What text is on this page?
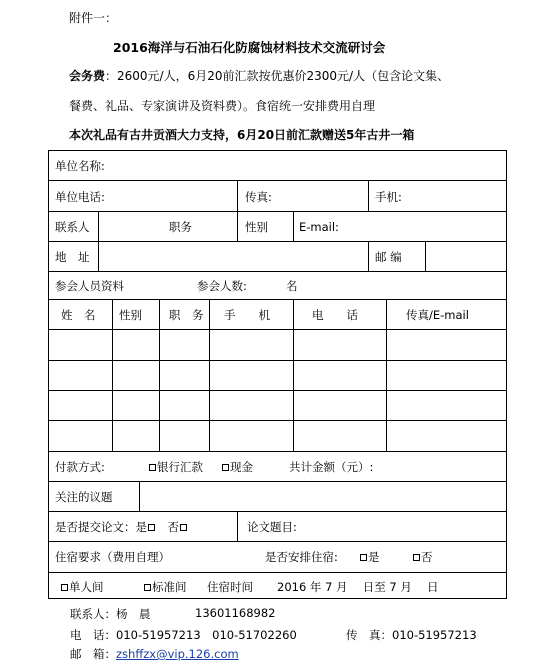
附件一：
2016海洋与石油石化防腐蚀材料技术交流研讨会
会务费：2600元/人，6月20前汇款按优惠价2300元/人（包含论文集、
餐费、礼品、专家演讲及资料费）。食宿统一安排费用自理
本次礼品有古井贡酒大力支持，6月20日前汇款赠送5年古井一箱
单位名称:
单位电话:	传真:	手机:
联系人	职务	性别	E-mail:
地　址	邮 编
参会人员资料	参会人数:	名
姓　名 性别 职　务 手　　机	电　　话	传真/E-mail
付款方式:	银行汇款	现金	共计金额（元）:
关注的议题
是否提交论文：是　 否	论文题目:
住宿要求（费用自理）	是否安排住宿:	是	否
单人间	标准间 住宿时间 2016 年 7 月　 日至 7 月　 日
联系人：杨　晨	13601168982
电　话：010-51957213　010-51702260	传　真：010-51957213
邮　箱：zshffzx@vip.126.com
